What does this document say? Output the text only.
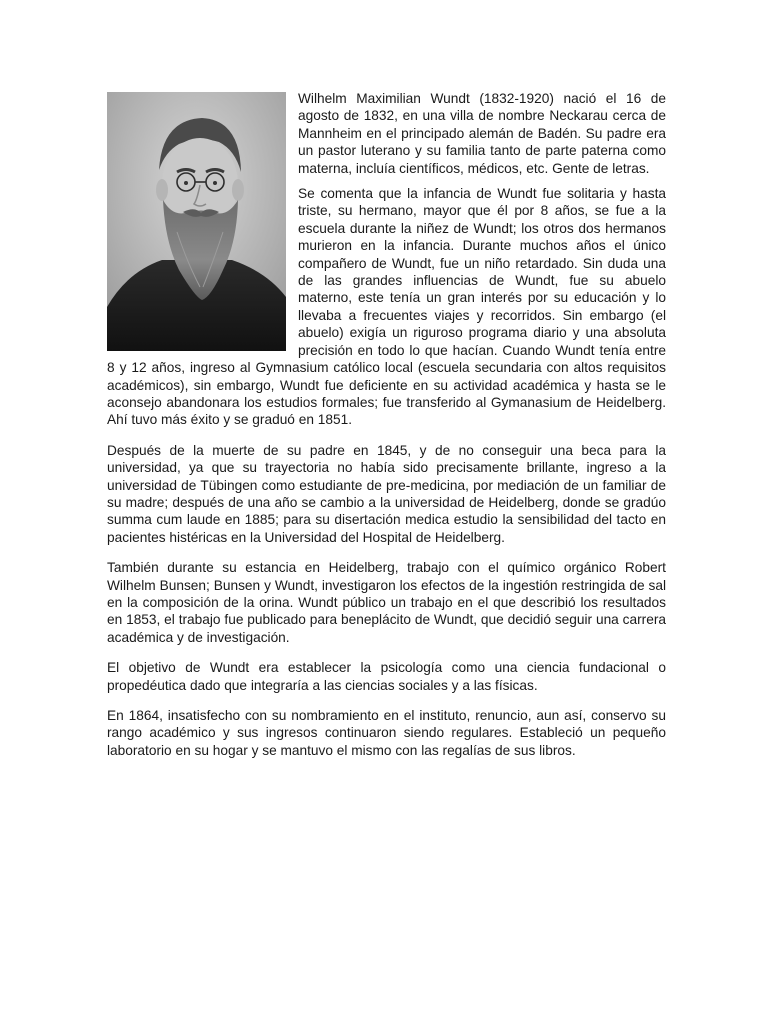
Wilhelm Maximilian Wundt (1832-1920) nació el 16 de agosto de 1832, en una villa de nombre Neckarau cerca de Mannheim en el principado alemán de Badén. Su padre era un pastor luterano y su familia tanto de parte paterna como materna, incluía científicos, médicos, etc. Gente de letras.

Se comenta que la infancia de Wundt fue solitaria y hasta triste, su hermano, mayor que él por 8 años, se fue a la escuela durante la niñez de Wundt; los otros dos hermanos murieron en la infancia. Durante muchos años el único compañero de Wundt, fue un niño retardado. Sin duda una de las grandes influencias de Wundt, fue su abuelo materno, este tenía un gran interés por su educación y lo llevaba a frecuentes viajes y recorridos. Sin embargo (el abuelo) exigía un riguroso programa diario y una absoluta precisión en todo lo que hacían. Cuando Wundt tenía entre 8 y 12 años, ingreso al Gymnasium católico local (escuela secundaria con altos requisitos académicos), sin embargo, Wundt fue deficiente en su actividad académica y hasta se le aconsejo abandonara los estudios formales; fue transferido al Gymanasium de Heidelberg. Ahí tuvo más éxito y se graduó en 1851.

Después de la muerte de su padre en 1845, y de no conseguir una beca para la universidad, ya que su trayectoria no había sido precisamente brillante, ingreso a la universidad de Tübingen como estudiante de pre-medicina, por mediación de un familiar de su madre; después de una año se cambio a la universidad de Heidelberg, donde se gradúo summa cum laude en 1885; para su disertación medica estudio la sensibilidad del tacto en pacientes histéricas en la Universidad del Hospital de Heidelberg.

También durante su estancia en Heidelberg, trabajo con el químico orgánico Robert Wilhelm Bunsen; Bunsen y Wundt, investigaron los efectos de la ingestión restringida de sal en la composición de la orina. Wundt público un trabajo en el que describió los resultados en 1853, el trabajo fue publicado para beneplácito de Wundt, que decidió seguir una carrera académica y de investigación.

El objetivo de Wundt era establecer la psicología como una ciencia fundacional o propedéutica dado que integraría a las ciencias sociales y a las físicas.

En 1864, insatisfecho con su nombramiento en el instituto, renuncio, aun así, conservo su rango académico y sus ingresos continuaron siendo regulares. Estableció un pequeño laboratorio en su hogar y se mantuvo el mismo con las regalías de sus libros.
